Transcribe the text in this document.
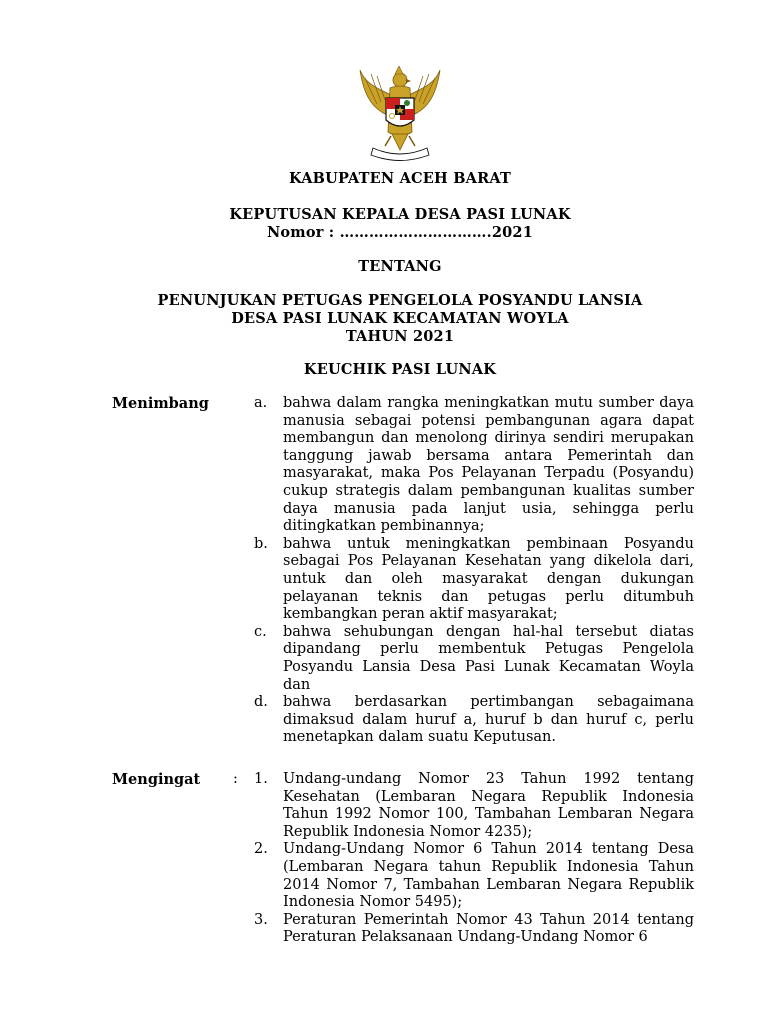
KABUPATEN ACEH BARAT
KEPUTUSAN KEPALA DESA PASI LUNAK
Nomor : ………………………….2021
TENTANG
PENUNJUKAN PETUGAS PENGELOLA POSYANDU LANSIA
DESA PASI LUNAK KECAMATAN WOYLA
TAHUN 2021
KEUCHIK PASI LUNAK
Menimbang	a.	bahwa dalam rangka meningkatkan mutu sumber daya manusia sebagai potensi pembangunan agara dapat membangun dan menolong dirinya sendiri merupakan tanggung jawab bersama antara Pemerintah dan masyarakat, maka Pos Pelayanan Terpadu (Posyandu) cukup strategis dalam pembangunan kualitas sumber daya manusia pada lanjut usia, sehingga perlu ditingkatkan pembinannya;
b.	bahwa untuk meningkatkan pembinaan Posyandu sebagai Pos Pelayanan Kesehatan yang dikelola dari, untuk dan oleh masyarakat dengan dukungan pelayanan teknis dan petugas perlu ditumbuh kembangkan peran aktif masyarakat;
c.	bahwa sehubungan dengan hal-hal tersebut diatas dipandang perlu membentuk Petugas Pengelola Posyandu Lansia Desa Pasi Lunak Kecamatan Woyla dan
d.	bahwa berdasarkan pertimbangan sebagaimana dimaksud dalam huruf a, huruf b dan huruf c, perlu menetapkan dalam suatu Keputusan.
Mengingat : 1.	Undang-undang Nomor 23 Tahun 1992 tentang Kesehatan (Lembaran Negara Republik Indonesia Tahun 1992 Nomor 100, Tambahan Lembaran Negara Republik Indonesia Nomor 4235);
2.	Undang-Undang Nomor 6 Tahun 2014 tentang Desa (Lembaran Negara tahun Republik Indonesia Tahun 2014 Nomor 7, Tambahan Lembaran Negara Republik Indonesia Nomor 5495);
3.	Peraturan Pemerintah Nomor 43 Tahun 2014 tentang Peraturan Pelaksanaan Undang-Undang Nomor 6
